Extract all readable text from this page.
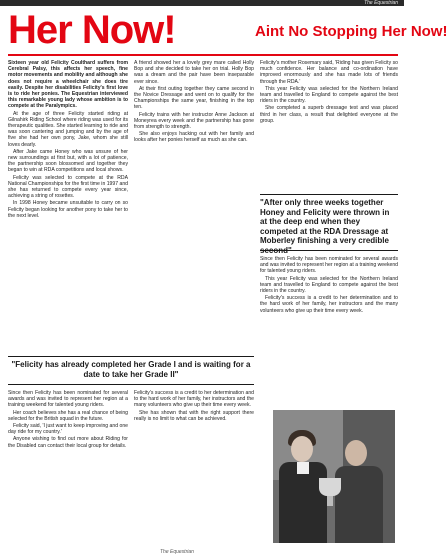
The Equestrian
Her Now!	Aint No Stopping Her Now!

Sixteen year old Felicity Coulthard suffers from Cerebral Palsy, this affects her speech, fine motor movements and mobility and although she does not require a wheelchair she does tire easily. Despite her disabilities Felicity's first love is to ride her ponies. The Equestrian interviewed this remarkable young lady whose ambition is to compete at the Paralympics.

At the age of three Felicity started riding at Gilnahirk Riding School where riding was used for its therapeutic qualities. She started learning to ride and was soon cantering and jumping and by the age of five she had her own pony, Jake, whom she still loves dearly.

After Jake came Honey who was unsure of her new surroundings at first but, with a lot of patience, the partnership soon blossomed and together they began to win at RDA competitions and local shows.

Felicity was selected to compete at the RDA National Championships for the first time in 1997 and she has returned to compete every year since, achieving a string of rosettes.

In 1998 Honey became unsuitable to carry on so Felicity began looking for another pony to take her to the next level.

A friend showed her a lovely grey mare called Holly Bop and she decided to take her on trial. Holly Bop was a dream and the pair have been inseparable ever since.

At their first outing together they came second in the Novice Dressage and went on to qualify for the Championships the same year, finishing in the top ten.

Felicity trains with her instructor Anne Jackson at Moneyrea every week and the partnership has gone from strength to strength.

She also enjoys hacking out with her family and looks after her ponies herself as much as she can.

Felicity's mother Rosemary said, 'Riding has given Felicity so much confidence. Her balance and co-ordination have improved enormously and she has made lots of friends through the RDA.'

This year Felicity was selected for the Northern Ireland team and travelled to England to compete against the best riders in the country.

She completed a superb dressage test and was placed third in her class, a result that delighted everyone at the group.

"After only three weeks together Honey and Felicity were thrown in at the deep end when they competed at the RDA Dressage at Moberley finishing a very credible
"Felicity has already completed her Grade I and is waiting for a date to take her Grade II"

Since then Felicity has been nominated for several awards and was invited to represent her region at a training weekend for talented young riders.

Her coach believes she has a real chance of being selected for the British squad in the future.

Felicity said, 'I just want to keep improving and one day ride for my country.'

Anyone wishing to find out more about Riding for the Disabled can contact their local group for details.

Felicity's success is a credit to her determination and to the hard work of her family, her instructors and the many volunteers who give up their time every week.

She has shown that with the right support there really is no limit to what can be achieved.

Since then Felicity has been nominated for several awards and was invited to represent her region at a training weekend for talented young riders.

This year Felicity was selected for the Northern Ireland team and travelled to England to compete against the best riders in the country.

Felicity's success is a credit to her determination and to the hard work of her family, her instructors and the many volunteers who give up their time every week.

The Equestrian
